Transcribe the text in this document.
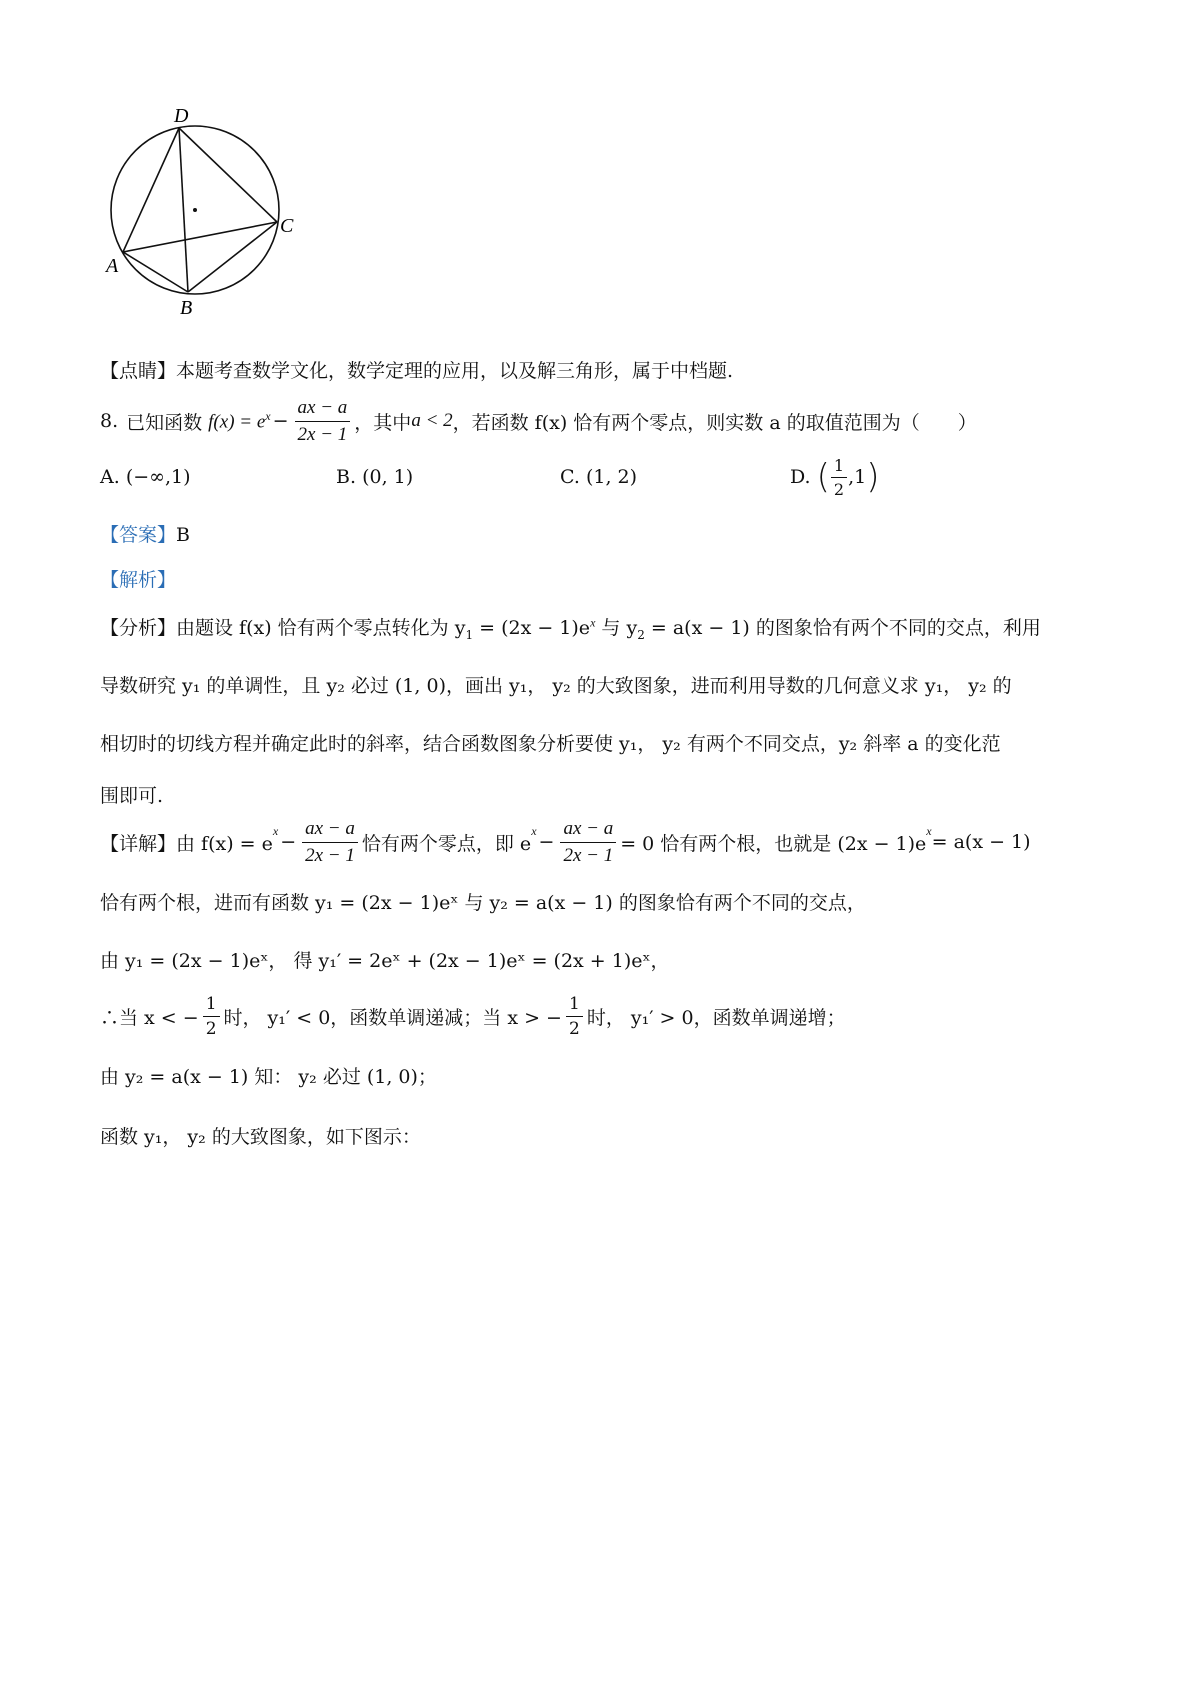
D
C
A
B
【点睛】本题考查数学文化，数学定理的应用，以及解三角形，属于中档题.
8. 已知函数 $f(x) = e^x - \frac{ax - a}{2x - 1}$ ，其中 a < 2 ，若函数 f(x) 恰有两个零点，则实数 a 的取值范围为（　　）
A. (−∞,1)	B. (0, 1)	C. (1, 2)	D. ( $\frac{1}{2} ,1$ )
【答案】B
【解析】
【分析】由题设 f(x) 恰有两个零点转化为 $y_1 = (2x - 1)e^x$ 与 $y_2 = a(x - 1)$ 的图象恰有两个不同的交点，利用
导数研究 y₁ 的单调性，且 y₂ 必过 (1, 0)，画出 y₁， y₂ 的大致图象，进而利用导数的几何意义求 y₁， y₂ 的
相切时的切线方程并确定此时的斜率，结合函数图象分析要使 y₁， y₂ 有两个不同交点，y₂ 斜率 a 的变化范
围即可.
【详解】 由 f(x) = e
$^x - \frac{ax - a}{2x - 1}$ 恰有两个零点，即 e
$^x - \frac{ax - a}{2x - 1} = 0$ 恰有两个根，也就是 (2x − 1)e
$^x$ = a(x − 1)
恰有两个根，进而有函数 y₁ = (2x − 1)eˣ 与 y₂ = a(x − 1) 的图象恰有两个不同的交点，
由 y₁ = (2x − 1)eˣ， 得 y₁′ = 2eˣ + (2x − 1)eˣ = (2x + 1)eˣ，
∴当 x < − $\frac{1}{2}$ 时， y₁′ < 0，函数单调递减；当 x > − $\frac{1}{2}$ 时， y₁′ > 0，函数单调递增；
由 y₂ = a(x − 1) 知： y₂ 必过 (1, 0)；
函数 y₁， y₂ 的大致图象，如下图示：
